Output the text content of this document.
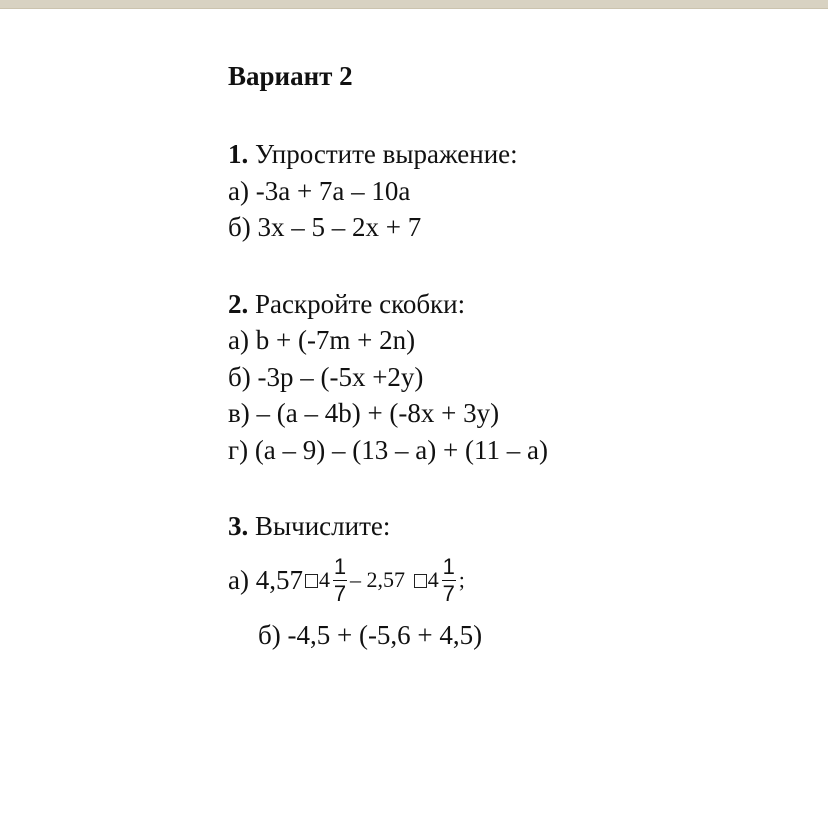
Вариант 2

1. Упростите выражение:

а) -3а + 7а – 10а

б) 3х – 5 – 2х + 7

2. Раскройте скобки:

а) b + (-7m + 2n)

б) -3р – (-5х +2у)

в) – (а – 4b) + (-8х + 3у)

г) (а – 9) – (13 – а) + (11 – а)

3. Вычислите:

а) 4,57 $4 \frac{1}{7} - 2,57$
$4 \frac{1}{7}$ ;

б) -4,5 + (-5,6 + 4,5)
